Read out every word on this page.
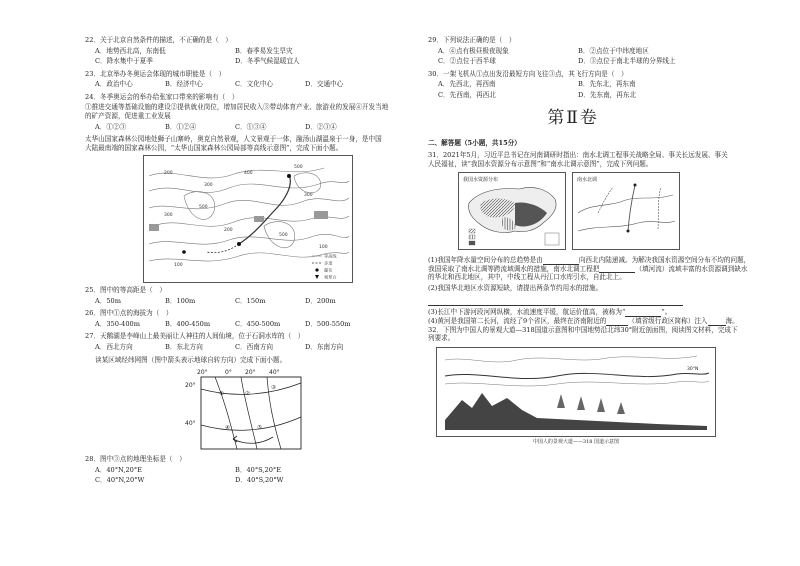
22．关于北京自然条件的描述，不正确的是（　）
A．地势西北高，东南低	B．春季易发生旱灾
C．降水集中于夏季	D．冬季气候湿暖宜人
23．北京举办冬奥运会体现的城市职能是（　）
A．政治中心	B．经济中心	C．文化中心	D．交通中心
24．冬季奥运会的举办给张家口带来的影响有（　）
①推进交通等基础设施的建设②提供就业岗位，增加居民收入③带动体育产业、旅游业的发展④开发当地
的矿产资源，促进重工业发展
A．①②③	B．①②④	C．①③④	D．②③④
太华山国家森林公园地处狮子山寨岭，奥克自然景观，人文景观于一体，融汤山湖温泉于一身，是中国
大陆最南端的国家森林公园，“太华山国家森林公园局部等高线示意图”，完成下面小题。
200
300
400
500
500
300
200
100
500
300
100
等高线
步道
瀑布
观景台
25．图中的等高距是（　）
A．50m	B．100m	C．150m	D．200m
26．图中①点的海拔为（　）
A．350-400m	B．400-450m	C．450-500m	D．500-550m
27．天鹅湖是李峰山上最美丽让人神往的人间仙境，位于石洞水库的（　）
A．西北方向	B．东北方向	C．西南方向	D．东南方向
读某区域经纬网图（图中箭头表示地球自转方向）完成下面小题。
20°	0° 20° 40°
20°
40°
①	②
③
④	⑤
28．图中③点的地理坐标是（　）
A．40°N,20°E	B．40°S,20°E
C．40°N,20°W	D．40°S,20°W
29．下列说法正确的是（　）
A．④点有极昼极夜现象	B．②点位于中纬度地区
C．②点位于西半球	D．③点位于南北半球的分界线上
30．一架飞机从①点出发沿最短方向飞往③点，其飞行方向是（　）
A．先西北，再西南	B．先东北，再东南
C．先西南，再西北	D．先东南，再东北
第Ⅱ卷
二、解答题（5小题，共15分）
31．2021年5月，习近平总书记在河南调研时指出：南水北调工程事关战略全局、事关长远发展、事关
人民福祉，读“我国水资源分布示意图”和“南水北调示意图”，完成下列问题。
我国水资源分布	南水北调
(1)我国年降水量空间分布的总趋势是由	向西北内陆递减。为解决我国水资源空间分布不均的问题，
我国采取了南水北调等跨流域调水的措施，南水北调工程把	（填河流）流域丰富的水资源调到缺水
的华北和西北地区，其中，中线工程从丹江口水库引水，自此北上。
(2)我国华北地区水资源短缺，请提出两条节约用水的措施。
(3)长江中下游河段河网纵横，水流速度平缓，航运价值高，被称为“	”。
(4)黄河是我国第二长河，流经了9个省区，最终在济南附近的	（填省级行政区简称）注入	海。
32．下图为中国人的景观大道—318国道示意图和中国地势沿北纬30°附近剖面图，阅读图文材料，完成下
列要求。
30°N
中国人的景观大道——318 国道示意图
